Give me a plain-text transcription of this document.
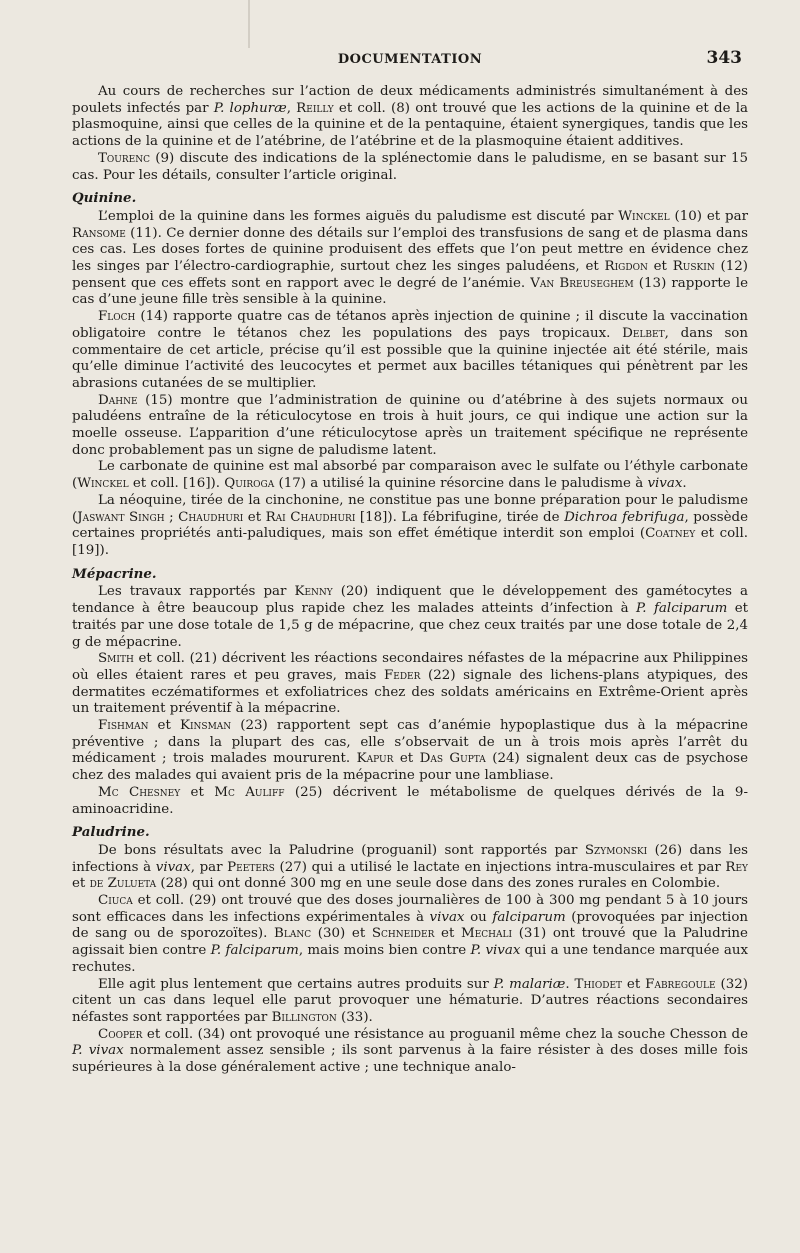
DOCUMENTATION	343

Au cours de recherches sur l’action de deux médicaments administrés simultanément à des poulets infectés par P. lophuræ, Reilly et coll. (8) ont trouvé que les actions de la quinine et de la plasmoquine, ainsi que celles de la quinine et de la pentaquine, étaient synergiques, tandis que les actions de la quinine et de l’atébrine, de l’atébrine et de la plasmoquine étaient additives.

Tourenc (9) discute des indications de la splénectomie dans le paludisme, en se basant sur 15 cas. Pour les détails, consulter l’article original.

Quinine.

L’emploi de la quinine dans les formes aiguës du paludisme est discuté par Winckel (10) et par Ransome (11). Ce dernier donne des détails sur l’emploi des transfusions de sang et de plasma dans ces cas. Les doses fortes de quinine produisent des effets que l’on peut mettre en évidence chez les singes par l’électro-cardiographie, surtout chez les singes paludéens, et Rigdon et Ruskin (12) pensent que ces effets sont en rapport avec le degré de l’anémie. Van Breuseghem (13) rapporte le cas d’une jeune fille très sensible à la quinine.

Floch (14) rapporte quatre cas de tétanos après injection de quinine ; il discute la vaccination obligatoire contre le tétanos chez les populations des pays tropicaux. Delbet, dans son commentaire de cet article, précise qu’il est possible que la quinine injectée ait été stérile, mais qu’elle diminue l’activité des leucocytes et permet aux bacilles tétaniques qui pénètrent par les abrasions cutanées de se multiplier.

Dahne (15) montre que l’administration de quinine ou d’atébrine à des sujets normaux ou paludéens entraîne de la réticulocytose en trois à huit jours, ce qui indique une action sur la moelle osseuse. L’apparition d’une réticulocytose après un traitement spécifique ne représente donc probablement pas un signe de paludisme latent.

Le carbonate de quinine est mal absorbé par comparaison avec le sulfate ou l’éthyle carbonate (Winckel et coll. [16]). Quiroga (17) a utilisé la quinine résorcine dans le paludisme à vivax.

La néoquine, tirée de la cinchonine, ne constitue pas une bonne préparation pour le paludisme (Jaswant Singh ; Chaudhuri et Rai Chaudhuri [18]). La fébrifugine, tirée de Dichroa febrifuga, possède certaines propriétés anti-paludiques, mais son effet émétique interdit son emploi (Coatney et coll. [19]).

Mépacrine.

Les travaux rapportés par Kenny (20) indiquent que le développement des gamétocytes a tendance à être beaucoup plus rapide chez les malades atteints d’infection à P. falciparum et traités par une dose totale de 1,5 g de mépacrine, que chez ceux traités par une dose totale de 2,4 g de mépacrine.

Smith et coll. (21) décrivent les réactions secondaires néfastes de la mépacrine aux Philippines où elles étaient rares et peu graves, mais Feder (22) signale des lichens-plans atypiques, des dermatites eczématiformes et exfoliatrices chez des soldats américains en Extrême-Orient après un traitement préventif à la mépacrine.

Fishman et Kinsman (23) rapportent sept cas d’anémie hypoplastique dus à la mépacrine préventive ; dans la plupart des cas, elle s’observait de un à trois mois après l’arrêt du médicament ; trois malades moururent. Kapur et Das Gupta (24) signalent deux cas de psychose chez des malades qui avaient pris de la mépacrine pour une lambliase.

Mc Chesney et Mc Auliff (25) décrivent le métabolisme de quelques dérivés de la 9-aminoacridine.

Paludrine.

De bons résultats avec la Paludrine (proguanil) sont rapportés par Szymonski (26) dans les infections à vivax, par Peeters (27) qui a utilisé le lactate en injections intra-musculaires et par Rey et de Zulueta (28) qui ont donné 300 mg en une seule dose dans des zones rurales en Colombie.

Ciuca et coll. (29) ont trouvé que des doses journalières de 100 à 300 mg pendant 5 à 10 jours sont efficaces dans les infections expérimentales à vivax ou falciparum (provoquées par injection de sang ou de sporozoïtes). Blanc (30) et Schneider et Mechali (31) ont trouvé que la Paludrine agissait bien contre P. falciparum, mais moins bien contre P. vivax qui a une tendance marquée aux rechutes.

Elle agit plus lentement que certains autres produits sur P. malariæ. Thiodet et Fabregoule (32) citent un cas dans lequel elle parut provoquer une hématurie. D’autres réactions secondaires néfastes sont rapportées par Billington (33).

Cooper et coll. (34) ont provoqué une résistance au proguanil même chez la souche Chesson de P. vivax normalement assez sensible ; ils sont parvenus à la faire résister à des doses mille fois supérieures à la dose généralement active ; une technique analo-
